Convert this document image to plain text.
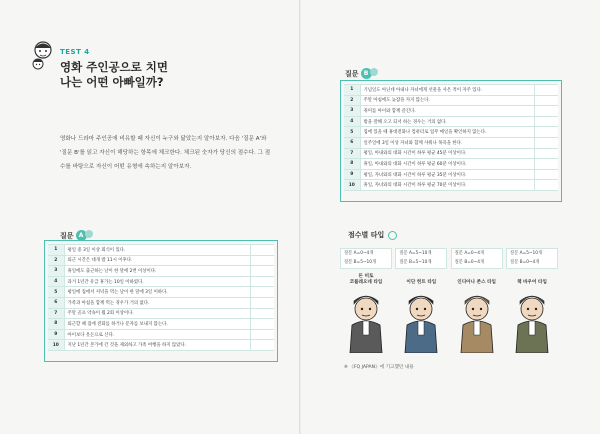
TEST 4
영화 주인공으로 치면
나는 어떤 아빠일까?

영화나 드라마 주인공에 비유할 때 자신이 누구와 닮았는지 알아보자. 다음 '질문 A'와 '질문 B'를 읽고 자신이 해당하는 항목에 체크한다. 체크된 숫자가 당신의 점수다. 그 점수를 바탕으로 자신이 어떤 유형에 속하는지 알아보자.

질문 A
1	평일 중 3일 이상 회식이 있다.	
2	퇴근 시간은 대개 밤 11시 이후다.	
3	휴일에도 출근하는 날이 한 달에 2번 이상이다.	
4	과거 1년간 유급 휴가는 10일 이하였다.	
5	평일에 집에서 저녁을 먹는 날이 한 달에 3일 이하다.	
6	가족과 아침을 함께 먹는 경우가 거의 없다.	
7	주말 골프 약속이 월 2회 이상이다.	
8	퇴근할 때 집에 전화를 하거나 문자를 보내지 않는다.	
9	아이보다 옷돈으로 산다.	
10	지난 1년간 본가에 간 것을 제외하고 가족 여행을 하지 않았다.	
질문 B
1	기념일도 아닌데 아내나 자녀에게 선물을 사온 적이 자주 있다.	
2	주말 아침에도 늦잠을 자지 않는다.	
3	취미를 아이와 함께 즐긴다.	
4	밖을 잘해 오고 되서 하는 경우는 거의 없다.	
5	집에 있을 때 휴대전화나 컴퓨터로 업무 메일을 확인하지 않는다.	
6	일주일에 3일 이상 자녀와 함께 샤워나 목욕을 한다.	
7	평일, 아내와의 대화 시간이 하루 평균 45분 이상이다.	
8	휴일, 아내와의 대화 시간이 하루 평균 60분 이상이다.	
9	평일, 자녀와의 대화 시간이 하루 평균 35분 이상이다.	
10	휴일, 자녀와의 대화 시간이 하루 평균 70분 이상이다.	
점수별 타입
질문 A=0~4개
질문 B=5~10개
질문 A=5~10개
질문 B=5~10개
질문 A=0~4개
질문 B=0~4개
질문 A=5~10개
질문 B=0~4개
돈 비토
코를레오네 타입	이단 헌트 타입	인디아나 존스 타입	책 바우어 타입
※ 《FQ JAPAN》에 기고했던 내용
